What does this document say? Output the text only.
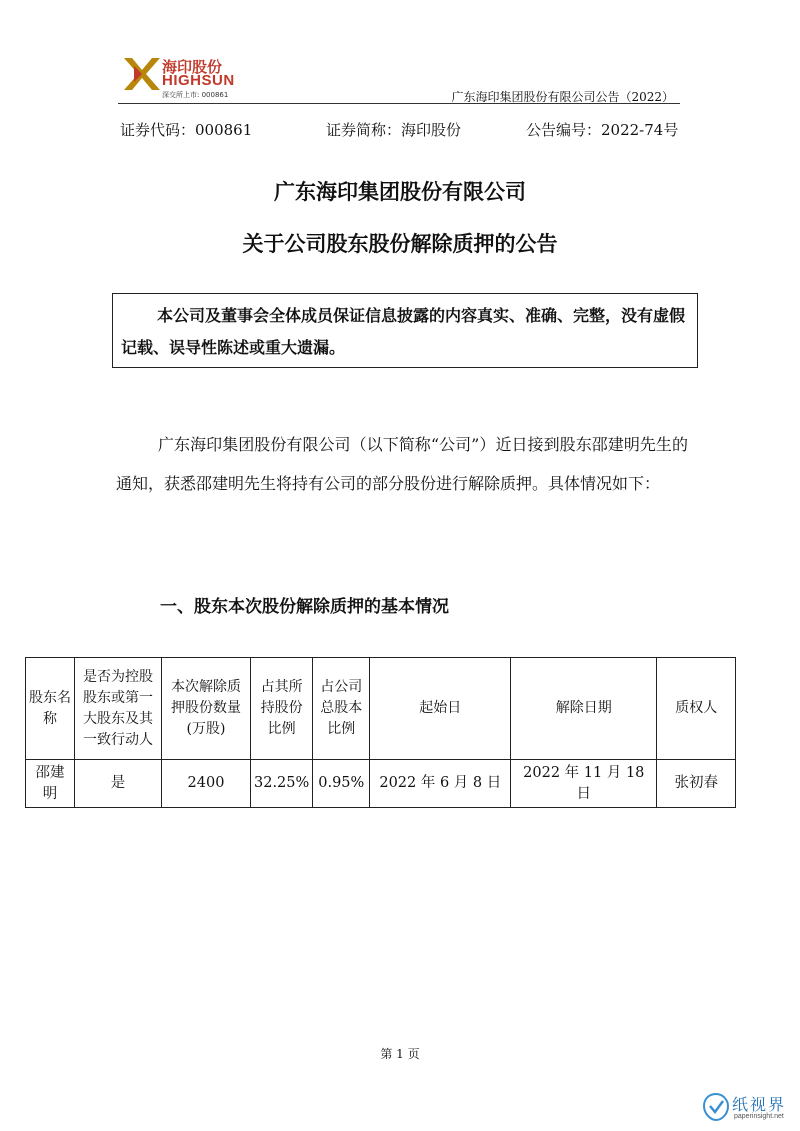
海印股份
HIGHSUN
深交所上市: 000861	广东海印集团股份有限公司公告（2022）
证券代码：000861	证券简称：海印股份	公告编号：2022-74号
广东海印集团股份有限公司
关于公司股东股份解除质押的公告
本公司及董事会全体成员保证信息披露的内容真实、准确、完整，没有虚假记载、误导性陈述或重大遗漏。
广东海印集团股份有限公司（以下简称“公司”）近日接到股东邵建明先生的通知，获悉邵建明先生将持有公司的部分股份进行解除质押。具体情况如下：
一、股东本次股份解除质押的基本情况
股东名称	是否为控股股东或第一大股东及其一致行动人	本次解除质押股份数量(万股)	占其所持股份比例	占公司总股本比例	起始日	解除日期	质权人
邵建明	是	2400	32.25%	0.95%	2022 年 6 月 8 日	2022 年 11 月 18 日	张初春
第 1 页
纸视界
paperinsight.net
